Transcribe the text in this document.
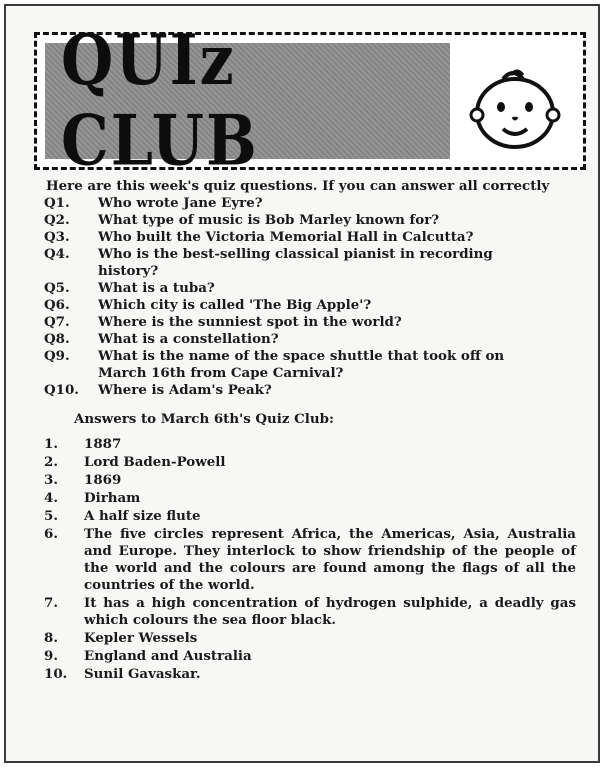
QUIz CLUB
Here are this week's quiz questions. If you can answer all correctly
Q1.	Who wrote Jane Eyre?
Q2.	What type of music is Bob Marley known for?
Q3.	Who built the Victoria Memorial Hall in Calcutta?
Q4.	Who is the best-selling classical pianist in recording history?
Q5.	What is a tuba?
Q6.	Which city is called 'The Big Apple'?
Q7.	Where is the sunniest spot in the world?
Q8.	What is a constellation?
Q9.	What is the name of the space shuttle that took off on March 16th from Cape Carnival?
Q10.	Where is Adam's Peak?
Answers to March 6th's Quiz Club:
1.	1887
2.	Lord Baden-Powell
3.	1869
4.	Dirham
5.	A half size flute
6.	The five circles represent Africa, the Americas, Asia, Australia and Europe. They interlock to show friendship of the people of the world and the colours are found among the flags of all the countries of the world.
7.	It has a high concentration of hydrogen sulphide, a deadly gas which colours the sea floor black.
8.	Kepler Wessels
9.	England and Australia
10.	Sunil Gavaskar.
